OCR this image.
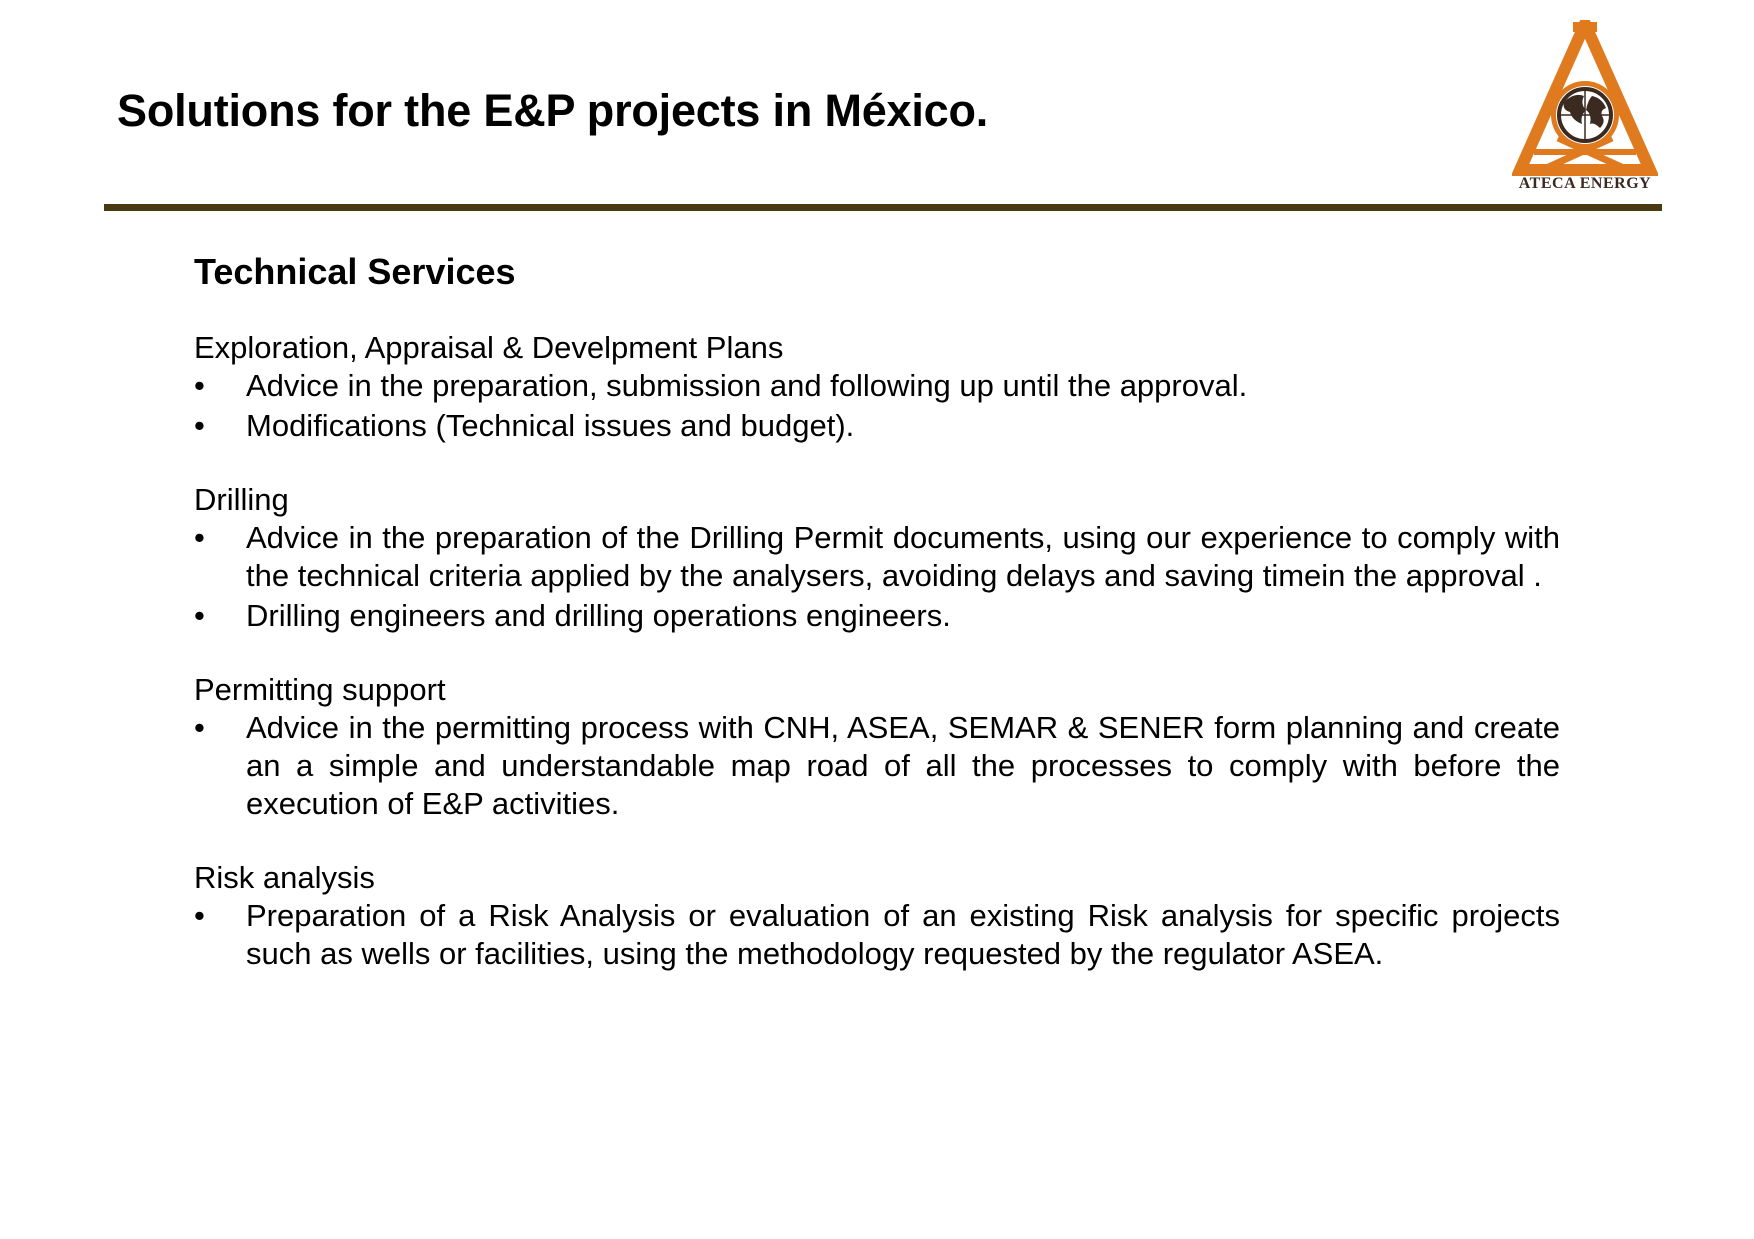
Solutions for the E&P projects in México.
ATECA ENERGY
Technical Services

Exploration, Appraisal & Develpment Plans

• Advice in the preparation, submission and following up until the approval.
• Modifications (Technical issues and budget).

Drilling

• Advice in the preparation of the Drilling Permit documents, using our experience to comply with the technical criteria applied by the analysers, avoiding delays and saving timein the approval .
• Drilling engineers and drilling operations engineers.

Permitting support

• Advice in the permitting process with CNH, ASEA, SEMAR & SENER form planning and create an a simple and understandable map road of all the processes to comply with before the execution of E&P activities.

Risk analysis

• Preparation of a Risk Analysis or evaluation of an existing Risk analysis for specific projects such as wells or facilities, using the methodology requested by the regulator ASEA.
